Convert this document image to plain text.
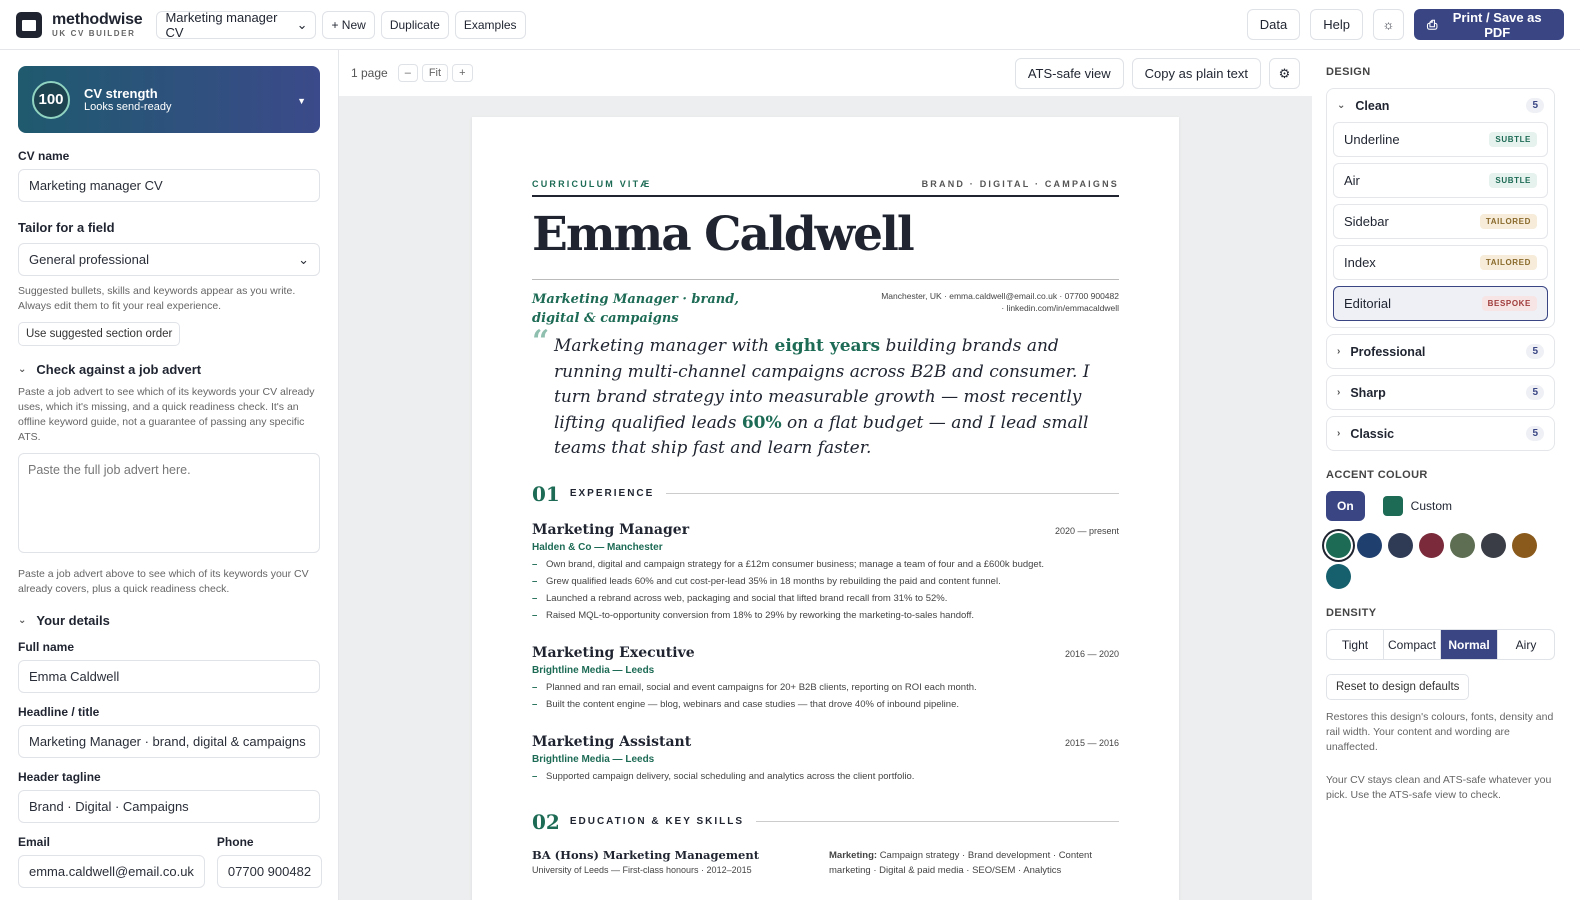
methodwise
UK CV BUILDER
Marketing manager CV
⌄	+ New	Duplicate	Examples	Data	Help	☼	⎙	Print / Save as PDF
100	CV strength
Looks send-ready	▼
CV name
Marketing manager CV
Tailor for a field
General professional	⌄
Suggested bullets, skills and keywords appear as you write. Always edit them to fit your real experience.
Use suggested section order
⌄ Check against a job advert
Paste a job advert to see which of its keywords your CV already uses, which it's missing, and a quick readiness check. It's an offline keyword guide, not a guarantee of passing any specific ATS.
Paste the full job advert here.
Paste a job advert above to see which of its keywords your CV already covers, plus a quick readiness check.
⌄ Your details
Full name
Emma Caldwell
Headline / title
Marketing Manager · brand, digital & campaigns
Header tagline
Brand · Digital · Campaigns
Email
emma.caldwell@email.co.uk
Phone
07700 900482
1 page	–	Fit	+	ATS-safe view	Copy as plain text	⚙
CURRICULUM VITÆ	BRAND · DIGITAL · CAMPAIGNS
Emma Caldwell
Marketing Manager · brand, digital & campaigns
Manchester, UK · emma.caldwell@email.co.uk · 07700 900482
· linkedin.com/in/emmacaldwell
“ Marketing manager with eight years building brands and running multi-channel campaigns across B2B and consumer. I turn brand strategy into measurable growth — most recently lifting qualified leads 60% on a flat budget — and I lead small teams that ship fast and learn faster.

01 EXPERIENCE
Marketing Manager	2020 — present
Halden & Co — Manchester
– Own brand, digital and campaign strategy for a £12m consumer business; manage a team of four and a £600k budget.
– Grew qualified leads 60% and cut cost-per-lead 35% in 18 months by rebuilding the paid and content funnel.
– Launched a rebrand across web, packaging and social that lifted brand recall from 31% to 52%.
– Raised MQL-to-opportunity conversion from 18% to 29% by reworking the marketing-to-sales handoff.
Marketing Executive	2016 — 2020
Brightline Media — Leeds
– Planned and ran email, social and event campaigns for 20+ B2B clients, reporting on ROI each month.
– Built the content engine — blog, webinars and case studies — that drove 40% of inbound pipeline.
Marketing Assistant	2015 — 2016
Brightline Media — Leeds
– Supported campaign delivery, social scheduling and analytics across the client portfolio.
02 EDUCATION & KEY SKILLS
BA (Hons) Marketing Management
University of Leeds — First-class honours · 2012–2015
Marketing: Campaign strategy · Brand development · Content marketing · Digital & paid media · SEO/SEM · Analytics
DESIGN
⌄ Clean	5
Underline	SUBTLE
Air	SUBTLE
Sidebar	TAILORED
Index	TAILORED
Editorial	BESPOKE
› Professional	5
› Sharp	5
› Classic	5
ACCENT COLOUR
On	Custom
DENSITY
Tight	Compact	Normal	Airy
Reset to design defaults
Restores this design's colours, fonts, density and rail width. Your content and wording are unaffected.
Your CV stays clean and ATS-safe whatever you pick. Use the ATS-safe view to check.
